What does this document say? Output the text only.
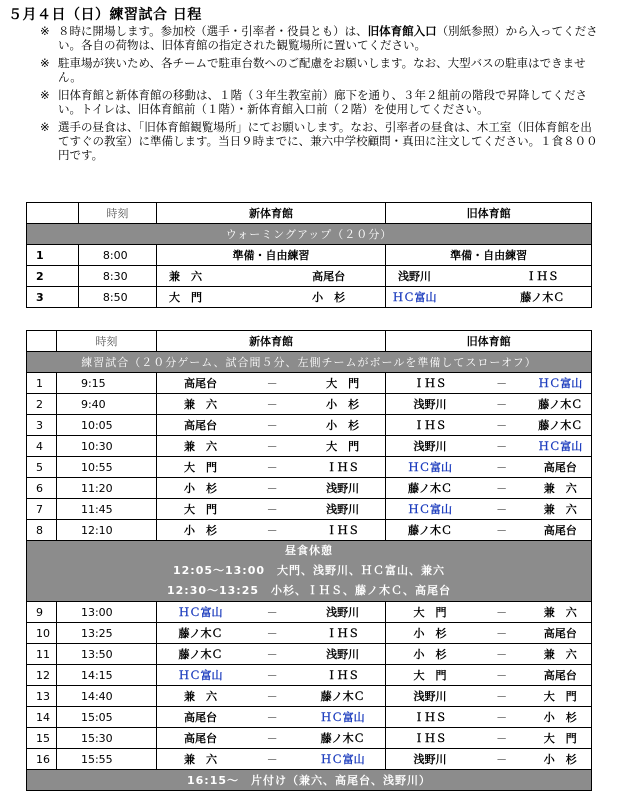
５月４日（日）練習試合 日程
※ ８時に開場します。参加校（選手・引率者・役員とも）は、旧体育館入口（別紙参照）から入ってください。各自の荷物は、旧体育館の指定された観覧場所に置いてください。
※ 駐車場が狭いため、各チームで駐車台数へのご配慮をお願いします。なお、大型バスの駐車はできません。
※ 旧体育館と新体育館の移動は、１階（３年生教室前）廊下を通り、３年２組前の階段で昇降してください。トイレは、旧体育館前（１階）・新体育館入口前（２階）を使用してください。
※ 選手の昼食は、「旧体育館観覧場所」にてお願いします。なお、引率者の昼食は、木工室（旧体育館を出てすぐの教室）に準備します。当日９時までに、兼六中学校顧問・真田に注文してください。１食８００円です。
	時刻	新体育館			旧体育館		
ウォーミングアップ（２０分）							
1	8:00	準備・自由練習			準備・自由練習		
2	8:30	兼　六		高尾台	浅野川		ＩＨＳ
3	8:50	大　門		小　杉	ＨＣ富山		藤ノ木Ｃ
	時刻	新体育館			旧体育館		
練習試合（２０分ゲーム、試合間５分、左側チームがボールを準備してスローオフ）							
1	9:15	高尾台	－	大　門	ＩＨＳ	－	ＨＣ富山
2	9:40	兼　六	－	小　杉	浅野川	－	藤ノ木Ｃ
3	10:05	高尾台	－	小　杉	ＩＨＳ	－	藤ノ木Ｃ
4	10:30	兼　六	－	大　門	浅野川	－	ＨＣ富山
5	10:55	大　門	－	ＩＨＳ	ＨＣ富山	－	高尾台
6	11:20	小　杉	－	浅野川	藤ノ木Ｃ	－	兼　六
7	11:45	大　門	－	浅野川	ＨＣ富山	－	兼　六
8	12:10	小　杉	－	ＩＨＳ	藤ノ木Ｃ	－	高尾台
昼食休憩							
12:05～13:00　大門、浅野川、ＨＣ富山、兼六							
12:30～13:25　小杉、ＩＨＳ、藤ノ木Ｃ、高尾台							
9	13:00	ＨＣ富山	－	浅野川	大　門	－	兼　六
10	13:25	藤ノ木Ｃ	－	ＩＨＳ	小　杉	－	高尾台
11	13:50	藤ノ木Ｃ	－	浅野川	小　杉	－	兼　六
12	14:15	ＨＣ富山	－	ＩＨＳ	大　門	－	高尾台
13	14:40	兼　六	－	藤ノ木Ｃ	浅野川	－	大　門
14	15:05	高尾台	－	ＨＣ富山	ＩＨＳ	－	小　杉
15	15:30	高尾台	－	藤ノ木Ｃ	ＩＨＳ	－	大　門
16	15:55	兼　六	－	ＨＣ富山	浅野川	－	小　杉
16:15～　片付け（兼六、高尾台、浅野川）							
